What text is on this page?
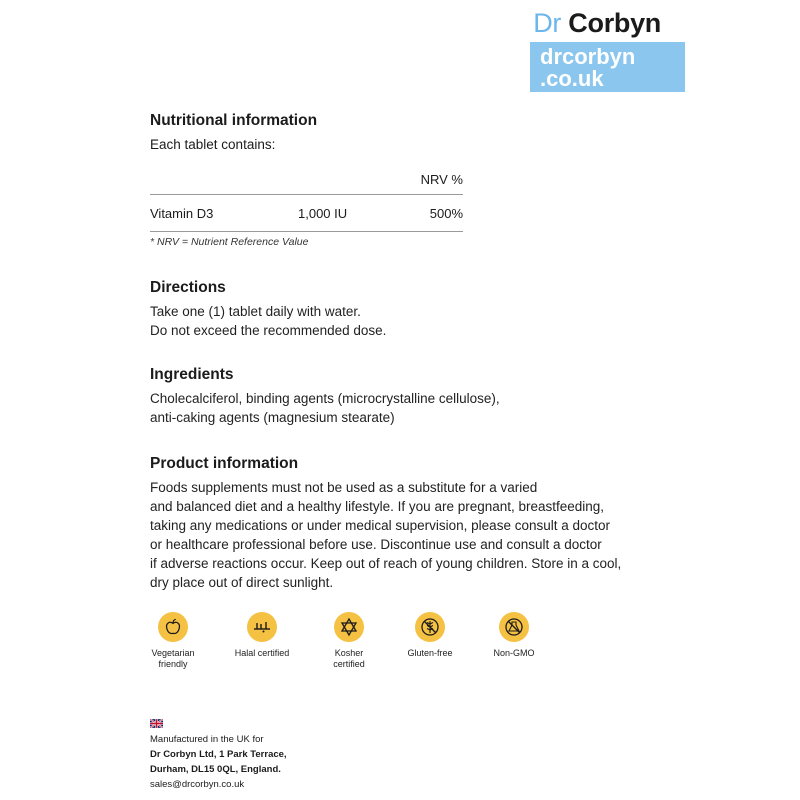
Dr Corbyn
drcorbyn
.co.uk
Nutritional information
Each tablet contains:
NRV %
Vitamin D3	1,000 IU	500%
* NRV = Nutrient Reference Value
Directions
Take one (1) tablet daily with water.
Do not exceed the recommended dose.
Ingredients
Cholecalciferol, binding agents (microcrystalline cellulose),
anti-caking agents (magnesium stearate)
Product information
Foods supplements must not be used as a substitute for a varied
and balanced diet and a healthy lifestyle. If you are pregnant, breastfeeding,
taking any medications or under medical supervision, please consult a doctor
or healthcare professional before use. Discontinue use and consult a doctor
if adverse reactions occur. Keep out of reach of young children. Store in a cool,
dry place out of direct sunlight.
Vegetarian
friendly
Halal certified	Kosher
certified
Gluten-free	Non-GMO
Manufactured in the UK for
Dr Corbyn Ltd, 1 Park Terrace,
Durham, DL15 0QL, England.
sales@drcorbyn.co.uk
